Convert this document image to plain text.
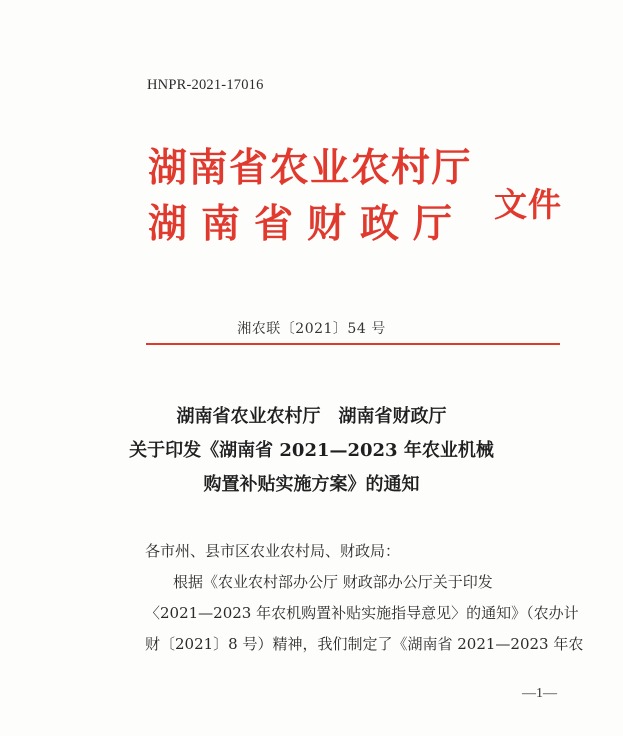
HNPR-2021-17016
湖南省农业农村厅
湖南省财政厅 文件
湘农联〔2021〕54 号
湖南省农业农村厅　湖南省财政厅
关于印发《湖南省 2021—2023 年农业机械
购置补贴实施方案》的通知
各市州、县市区农业农村局、财政局：
根据《农业农村部办公厅 财政部办公厅关于印发
〈2021—2023 年农机购置补贴实施指导意见〉的通知》（农办计
财〔2021〕8 号）精神，我们制定了《湖南省 2021—2023 年农
—1—
